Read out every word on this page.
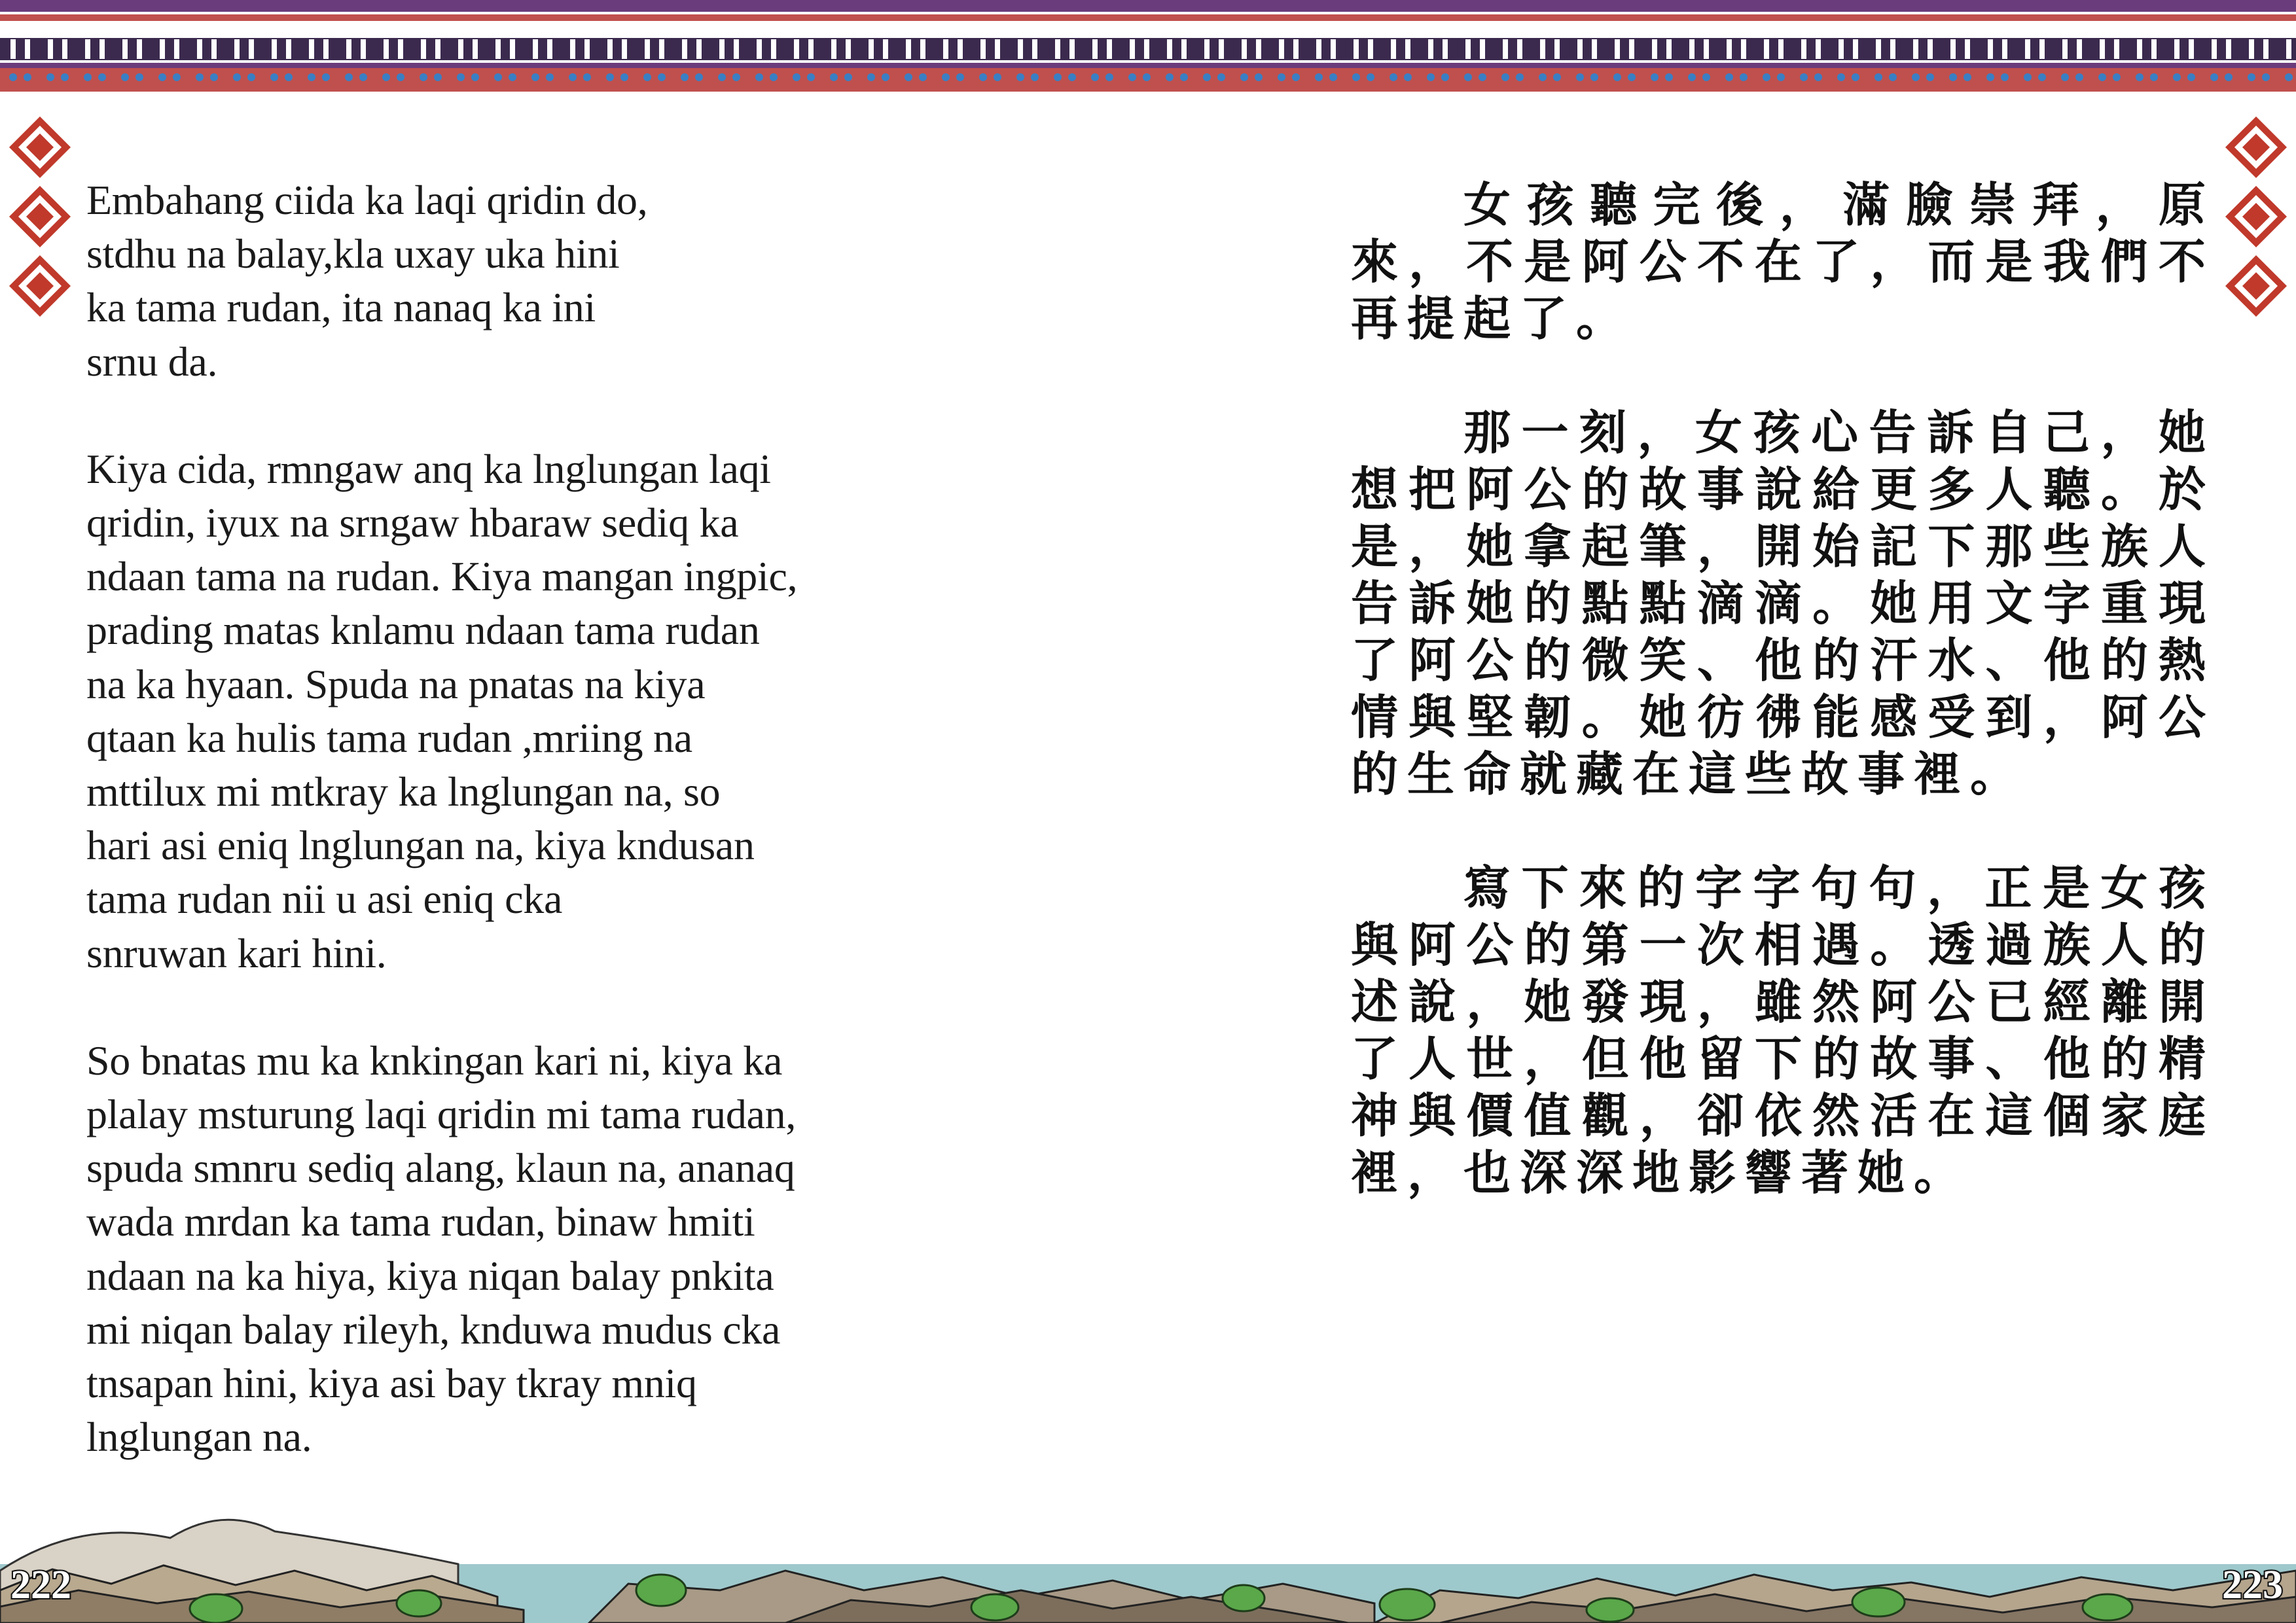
Embahang ciida ka laqi qridin do,
stdhu na balay,kla uxay uka hini
ka tama rudan, ita nanaq ka ini
srnu da.

Kiya cida, rmngaw anq ka lnglungan laqi
qridin, iyux na srngaw hbaraw sediq ka
ndaan tama na rudan. Kiya mangan ingpic,
prading matas knlamu ndaan tama rudan
na ka hyaan. Spuda na pnatas na kiya
qtaan ka hulis tama rudan ,mriing na
mttilux mi mtkray ka lnglungan na, so
hari asi eniq lnglungan na, kiya kndusan
tama rudan nii u asi eniq cka
snruwan kari hini.

So bnatas mu ka knkingan kari ni, kiya ka
plalay msturung laqi qridin mi tama rudan,
spuda smnru sediq alang, klaun na, ananaq
wada mrdan ka tama rudan, binaw hmiti
ndaan na ka hiya, kiya niqan balay pnkita
mi niqan balay rileyh, knduwa mudus cka
tnsapan hini, kiya asi bay tkray mniq
lnglungan na.

女孩聽完後，滿臉崇拜，原來，不是阿公不在了，而是我們不再提起了。

那一刻，女孩心告訴自己，她想把阿公的故事說給更多人聽。於是，她拿起筆，開始記下那些族人告訴她的點點滴滴。她用文字重現了阿公的微笑、他的汗水、他的熱情與堅韌。她彷彿能感受到，阿公的生命就藏在這些故事裡。

寫下來的字字句句，正是女孩與阿公的第一次相遇。透過族人的述說，她發現，雖然阿公已經離開了人世，但他留下的故事、他的精神與價值觀，卻依然活在這個家庭裡，也深深地影響著她。

222	223
